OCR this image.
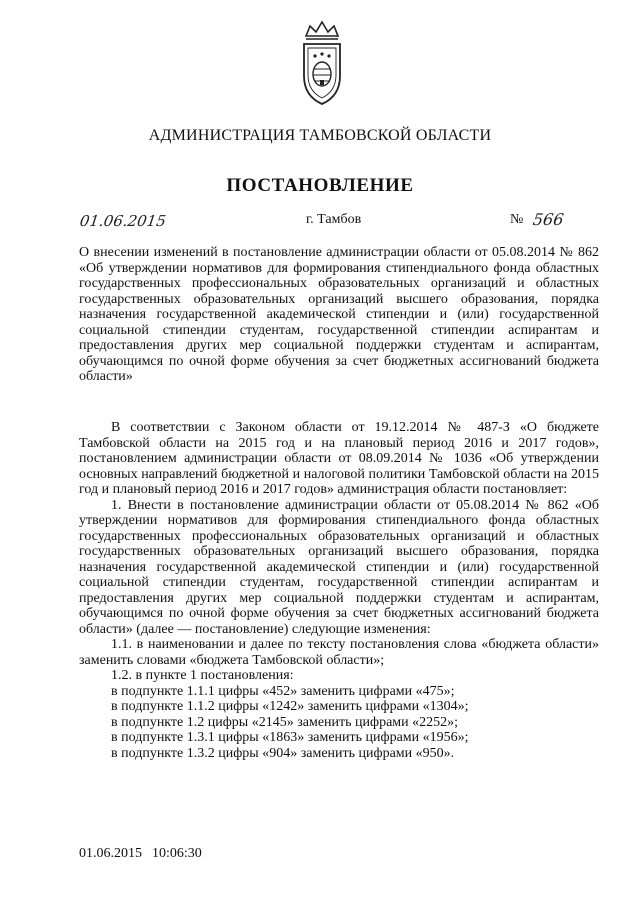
АДМИНИСТРАЦИЯ ТАМБОВСКОЙ ОБЛАСТИ
ПОСТАНОВЛЕНИЕ
01.06.2015	г. Тамбов	№ 566
О внесении изменений в постановление администрации области от 05.08.2014 № 862 «Об утверждении нормативов для формирования стипендиального фонда областных государственных профессиональных образовательных организаций и областных государственных образовательных организаций высшего образования, порядка назначения государственной академической стипендии и (или) государственной социальной стипендии студентам, государственной стипендии аспирантам и предоставления других мер социальной поддержки студентам и аспирантам, обучающимся по очной форме обучения за счет бюджетных ассигнований бюджета области»

В соответствии с Законом области от 19.12.2014 № 487-З «О бюджете Тамбовской области на 2015 год и на плановый период 2016 и 2017 годов», постановлением администрации области от 08.09.2014 № 1036 «Об утверждении основных направлений бюджетной и налоговой политики Тамбовской области на 2015 год и плановый период 2016 и 2017 годов» администрация области постановляет:

1. Внести в постановление администрации области от 05.08.2014 № 862 «Об утверждении нормативов для формирования стипендиального фонда областных государственных профессиональных образовательных организаций и областных государственных образовательных организаций высшего образования, порядка назначения государственной академической стипендии и (или) государственной социальной стипендии студентам, государственной стипендии аспирантам и предоставления других мер социальной поддержки студентам и аспирантам, обучающимся по очной форме обучения за счет бюджетных ассигнований бюджета области» (далее — постановление) следующие изменения:

1.1. в наименовании и далее по тексту постановления слова «бюджета области» заменить словами «бюджета Тамбовской области»;

1.2. в пункте 1 постановления:

в подпункте 1.1.1 цифры «452» заменить цифрами «475»;

в подпункте 1.1.2 цифры «1242» заменить цифрами «1304»;

в подпункте 1.2 цифры «2145» заменить цифрами «2252»;

в подпункте 1.3.1 цифры «1863» заменить цифрами «1956»;

в подпункте 1.3.2 цифры «904» заменить цифрами «950».

01.06.2015 10:06:30
